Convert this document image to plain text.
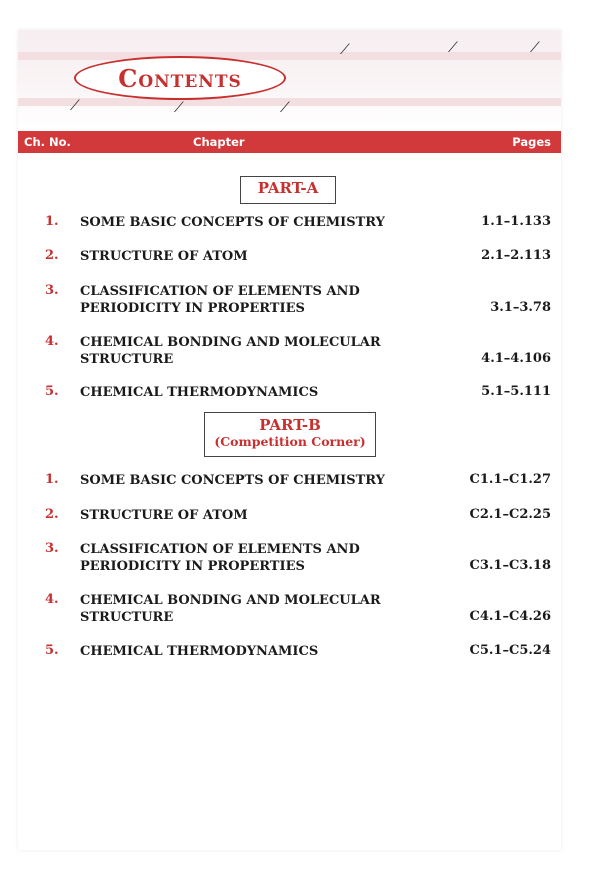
⟋	⟋	⟋
⟋	⟋	⟋
Contents
Ch. No.	Chapter	Pages
PART-A
1. SOME BASIC CONCEPTS OF CHEMISTRY	1.1–1.133
2. STRUCTURE OF ATOM	2.1–2.113
3. CLASSIFICATION OF ELEMENTS AND PERIODICITY IN PROPERTIES	3.1–3.78
4. CHEMICAL BONDING AND MOLECULAR STRUCTURE	4.1–4.106
5. CHEMICAL THERMODYNAMICS	5.1–5.111
PART-B
(Competition Corner)
1. SOME BASIC CONCEPTS OF CHEMISTRY	C1.1–C1.27
2. STRUCTURE OF ATOM	C2.1–C2.25
3. CLASSIFICATION OF ELEMENTS AND PERIODICITY IN PROPERTIES	C3.1–C3.18
4. CHEMICAL BONDING AND MOLECULAR STRUCTURE	C4.1–C4.26
5. CHEMICAL THERMODYNAMICS	C5.1–C5.24
